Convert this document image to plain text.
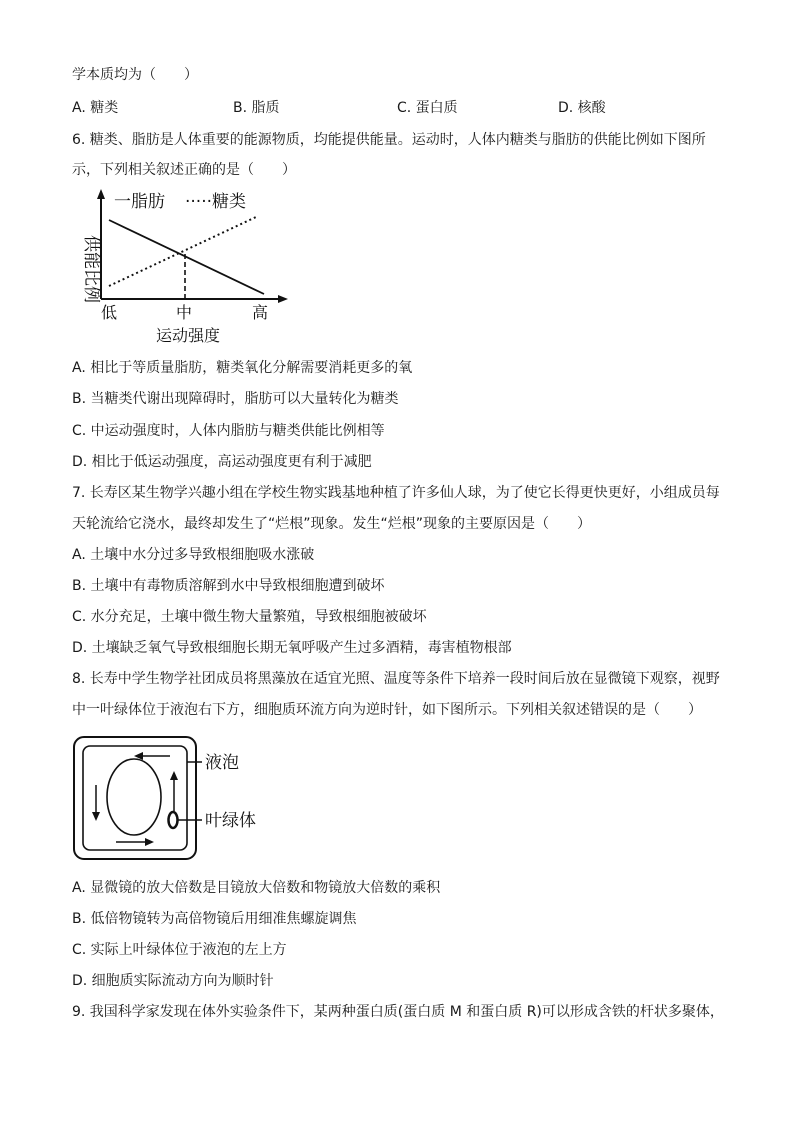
学本质均为（　　）
A. 糖类	B. 脂质	C. 蛋白质	D. 核酸
6. 糖类、脂肪是人体重要的能源物质，均能提供能量。运动时，人体内糖类与脂肪的供能比例如下图所
示，下列相关叙述正确的是（　　）
一脂肪 ·····糖类
供能比例
低	中	高
运动强度
A. 相比于等质量脂肪，糖类氧化分解需要消耗更多的氧
B. 当糖类代谢出现障碍时，脂肪可以大量转化为糖类
C. 中运动强度时，人体内脂肪与糖类供能比例相等
D. 相比于低运动强度，高运动强度更有利于减肥
7. 长寿区某生物学兴趣小组在学校生物实践基地种植了许多仙人球，为了使它长得更快更好，小组成员每
天轮流给它浇水，最终却发生了“烂根”现象。发生“烂根”现象的主要原因是（　　）
A. 土壤中水分过多导致根细胞吸水涨破
B. 土壤中有毒物质溶解到水中导致根细胞遭到破坏
C. 水分充足，土壤中微生物大量繁殖，导致根细胞被破坏
D. 土壤缺乏氧气导致根细胞长期无氧呼吸产生过多酒精，毒害植物根部
8. 长寿中学生物学社团成员将黑藻放在适宜光照、温度等条件下培养一段时间后放在显微镜下观察，视野
中一叶绿体位于液泡右下方，细胞质环流方向为逆时针，如下图所示。下列相关叙述错误的是（　　）
液泡
叶绿体
A. 显微镜的放大倍数是目镜放大倍数和物镜放大倍数的乘积
B. 低倍物镜转为高倍物镜后用细准焦螺旋调焦
C. 实际上叶绿体位于液泡的左上方
D. 细胞质实际流动方向为顺时针
9. 我国科学家发现在体外实验条件下，某两种蛋白质(蛋白质 M 和蛋白质 R)可以形成含铁的杆状多聚体，
